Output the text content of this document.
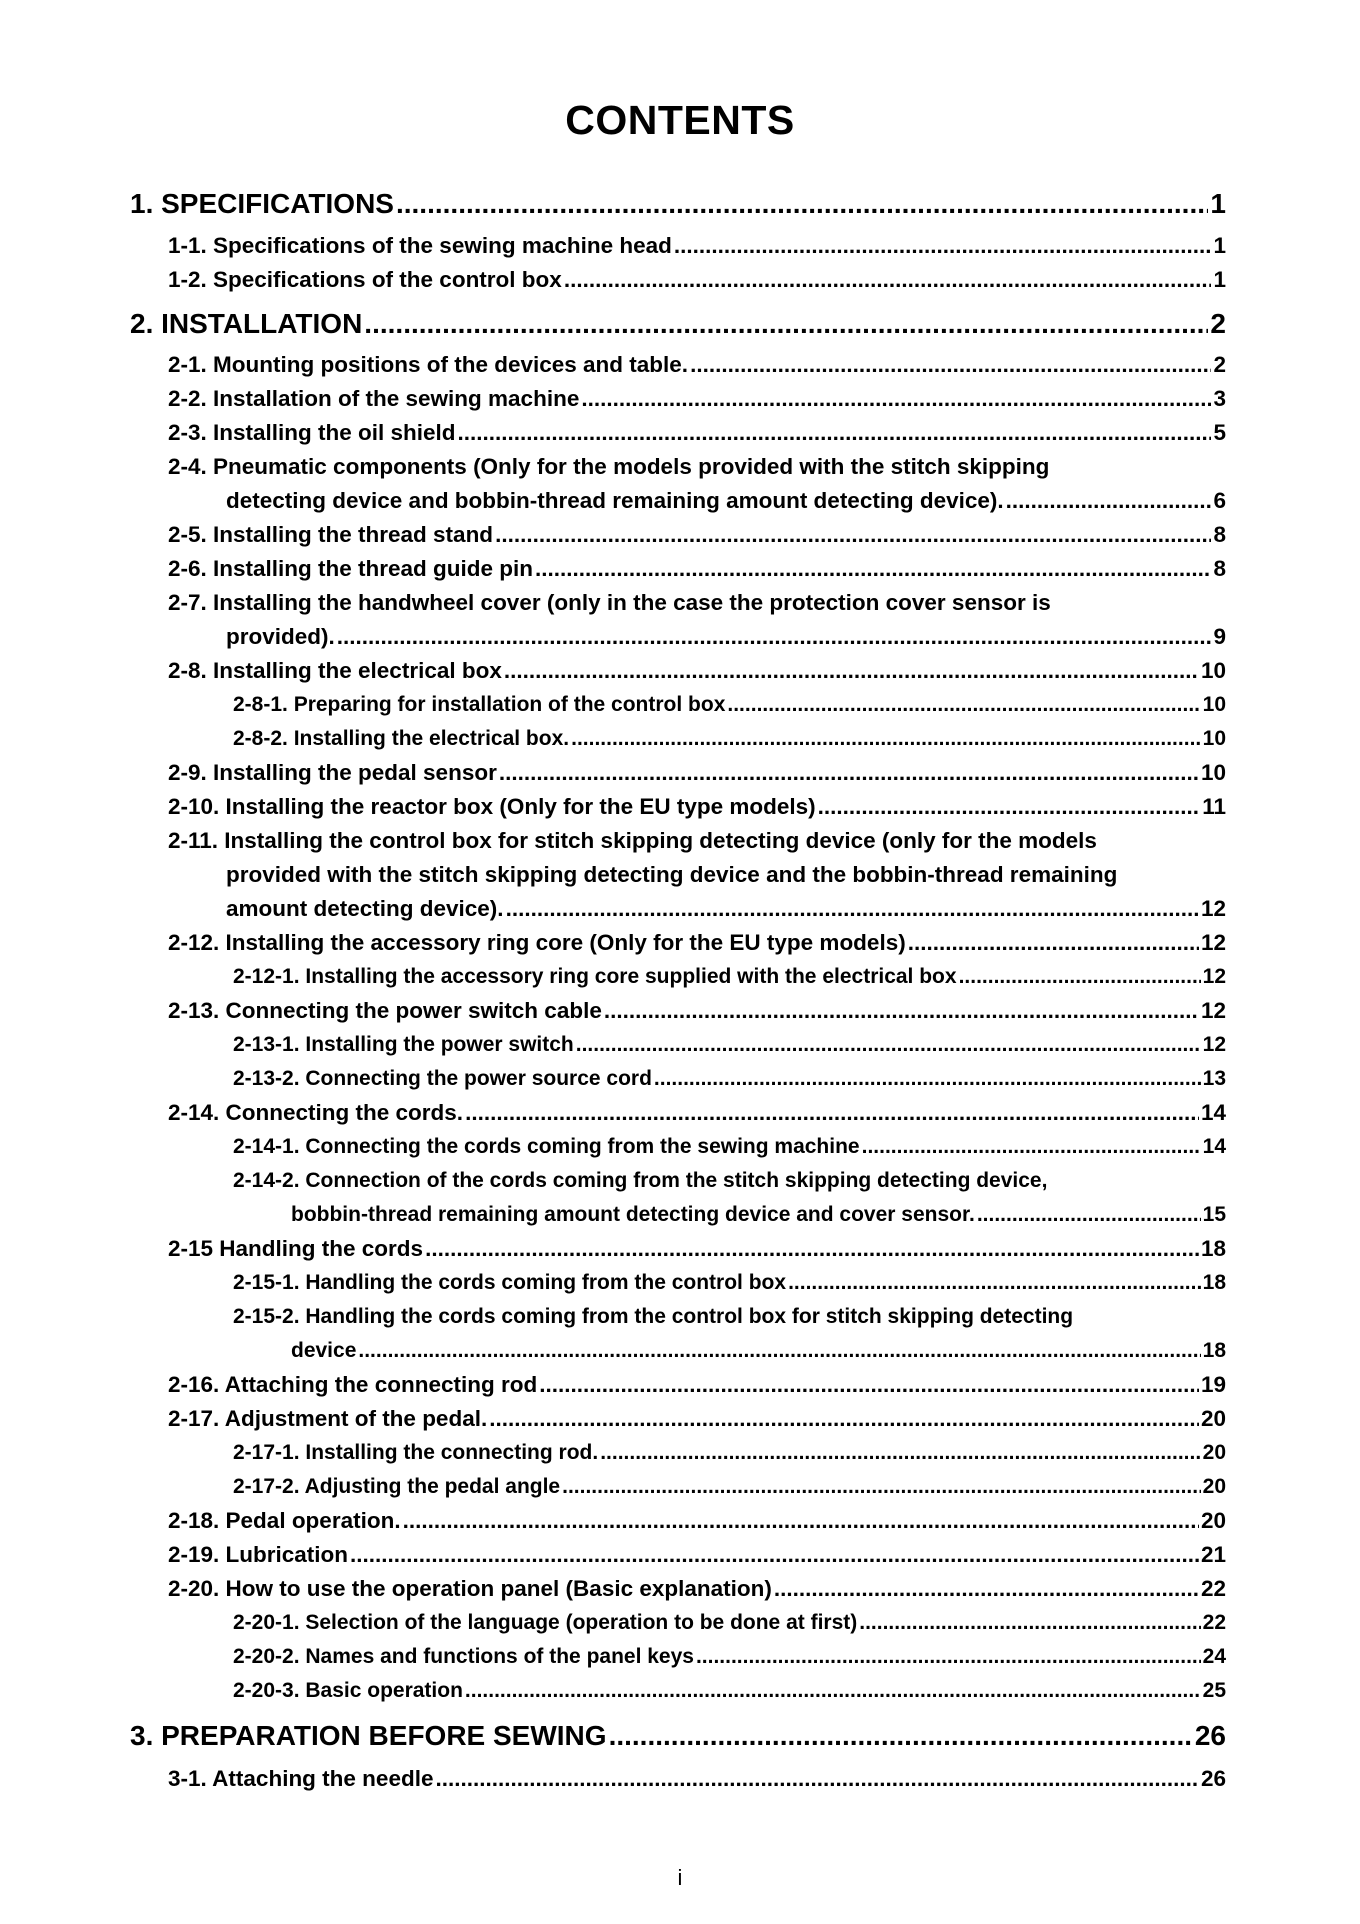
CONTENTS
1. SPECIFICATIONS .....	1
1-1. Specifications of the sewing machine head .....	1
1-2. Specifications of the control box .....	1
2. INSTALLATION .....	2
2-1. Mounting positions of the devices and table. .....	2
2-2. Installation of the sewing machine .....	3
2-3. Installing the oil shield .....	5
2-4. Pneumatic components (Only for the models provided with the stitch skipping
detecting device and bobbin-thread remaining amount detecting device). .....	6
2-5. Installing the thread stand .....	8
2-6. Installing the thread guide pin .....	8
2-7. Installing the handwheel cover (only in the case the protection cover sensor is
provided). .....	9
2-8. Installing the electrical box .....	10
2-8-1. Preparing for installation of the control box .....	10
2-8-2. Installing the electrical box. .....	10
2-9. Installing the pedal sensor .....	10
2-10. Installing the reactor box (Only for the EU type models) .....	11
2-11. Installing the control box for stitch skipping detecting device (only for the models
provided with the stitch skipping detecting device and the bobbin-thread remaining
amount detecting device). .....	12
2-12. Installing the accessory ring core (Only for the EU type models) .....	12
2-12-1. Installing the accessory ring core supplied with the electrical box .....	12
2-13. Connecting the power switch cable .....	12
2-13-1. Installing the power switch .....	12
2-13-2. Connecting the power source cord .....	13
2-14. Connecting the cords. .....	14
2-14-1. Connecting the cords coming from the sewing machine .....	14
2-14-2. Connection of the cords coming from the stitch skipping detecting device,
bobbin-thread remaining amount detecting device and cover sensor. .....	15
2-15 Handling the cords .....	18
2-15-1. Handling the cords coming from the control box .....	18
2-15-2. Handling the cords coming from the control box for stitch skipping detecting
device .....	18
2-16. Attaching the connecting rod .....	19
2-17. Adjustment of the pedal. .....	20
2-17-1. Installing the connecting rod. .....	20
2-17-2. Adjusting the pedal angle .....	20
2-18. Pedal operation. .....	20
2-19. Lubrication .....	21
2-20. How to use the operation panel (Basic explanation) .....	22
2-20-1. Selection of the language (operation to be done at first) .....	22
2-20-2. Names and functions of the panel keys .....	24
2-20-3. Basic operation .....	25
3. PREPARATION BEFORE SEWING .....	26
3-1. Attaching the needle .....	26
i
